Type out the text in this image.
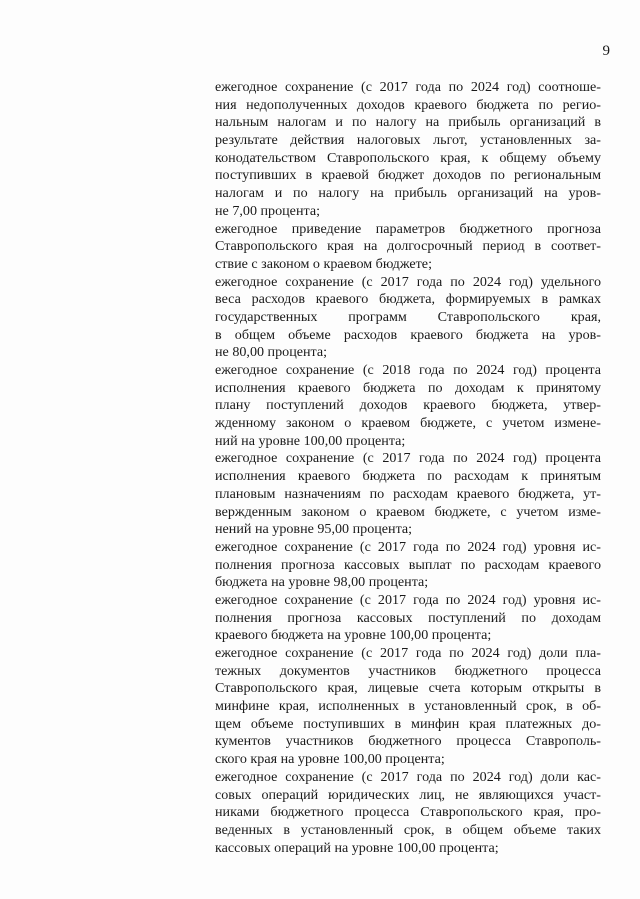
9
ежегодное сохранение (с 2017 года по 2024 год) соотноше-
ния недополученных доходов краевого бюджета по регио-
нальным налогам и по налогу на прибыль организаций в
результате действия налоговых льгот, установленных за-
конодательством Ставропольского края, к общему объему
поступивших в краевой бюджет доходов по региональным
налогам и по налогу на прибыль организаций на уров-
не 7,00 процента;
ежегодное приведение параметров бюджетного прогноза
Ставропольского края на долгосрочный период в соответ-
ствие с законом о краевом бюджете;
ежегодное сохранение (с 2017 года по 2024 год) удельного
веса расходов краевого бюджета, формируемых в рамках
государственных программ Ставропольского края,
в общем объеме расходов краевого бюджета на уров-
не 80,00 процента;
ежегодное сохранение (с 2018 года по 2024 год) процента
исполнения краевого бюджета по доходам к принятому
плану поступлений доходов краевого бюджета, утвер-
жденному законом о краевом бюджете, с учетом измене-
ний на уровне 100,00 процента;
ежегодное сохранение (с 2017 года по 2024 год) процента
исполнения краевого бюджета по расходам к принятым
плановым назначениям по расходам краевого бюджета, ут-
вержденным законом о краевом бюджете, с учетом изме-
нений на уровне 95,00 процента;
ежегодное сохранение (с 2017 года по 2024 год) уровня ис-
полнения прогноза кассовых выплат по расходам краевого
бюджета на уровне 98,00 процента;
ежегодное сохранение (с 2017 года по 2024 год) уровня ис-
полнения прогноза кассовых поступлений по доходам
краевого бюджета на уровне 100,00 процента;
ежегодное сохранение (с 2017 года по 2024 год) доли пла-
тежных документов участников бюджетного процесса
Ставропольского края, лицевые счета которым открыты в
минфине края, исполненных в установленный срок, в об-
щем объеме поступивших в минфин края платежных до-
кументов участников бюджетного процесса Ставрополь-
ского края на уровне 100,00 процента;
ежегодное сохранение (с 2017 года по 2024 год) доли кас-
совых операций юридических лиц, не являющихся участ-
никами бюджетного процесса Ставропольского края, про-
веденных в установленный срок, в общем объеме таких
кассовых операций на уровне 100,00 процента;
